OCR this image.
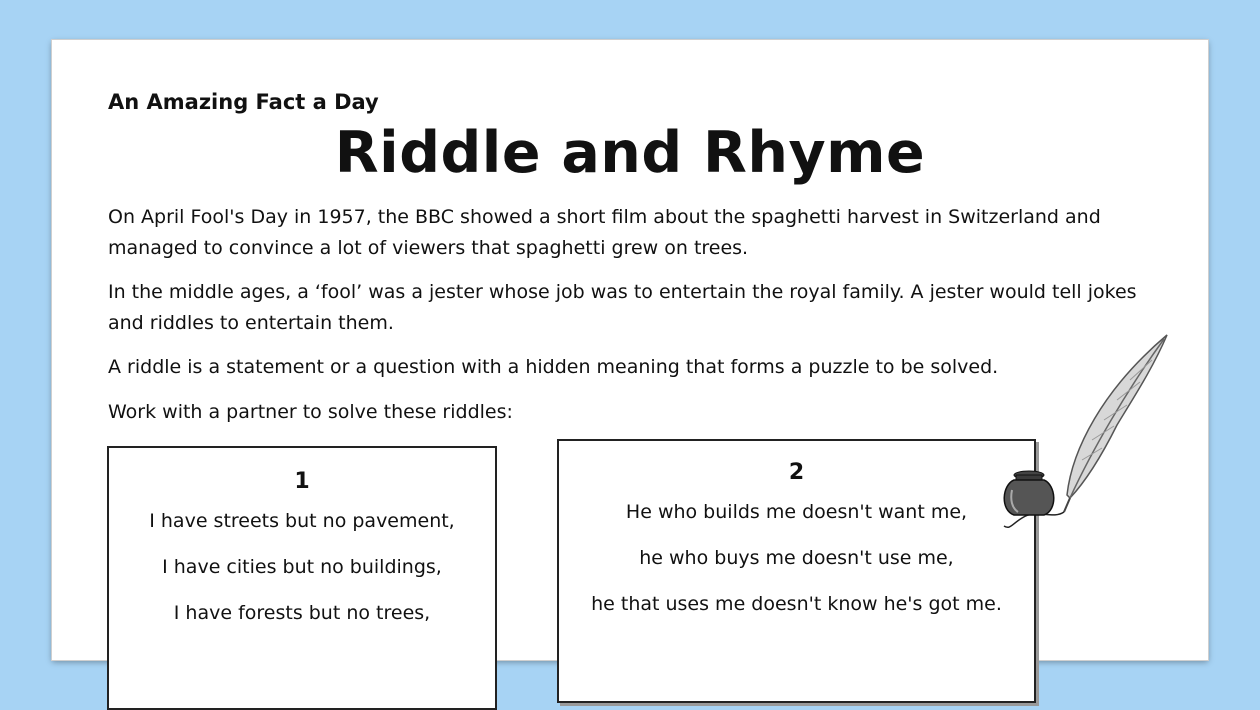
An Amazing Fact a Day
Riddle and Rhyme

On April Fool's Day in 1957, the BBC showed a short film about the spaghetti harvest in Switzerland and managed to convince a lot of viewers that spaghetti grew on trees.

In the middle ages, a ‘fool’ was a jester whose job was to entertain the royal family. A jester would tell jokes and riddles to entertain them.

A riddle is a statement or a question with a hidden meaning that forms a puzzle to be solved.

Work with a partner to solve these riddles:

1
I have streets but no pavement,
I have cities but no buildings,
I have forests but no trees,
2
He who builds me doesn't want me,
he who buys me doesn't use me,
he that uses me doesn't know he's got me.
